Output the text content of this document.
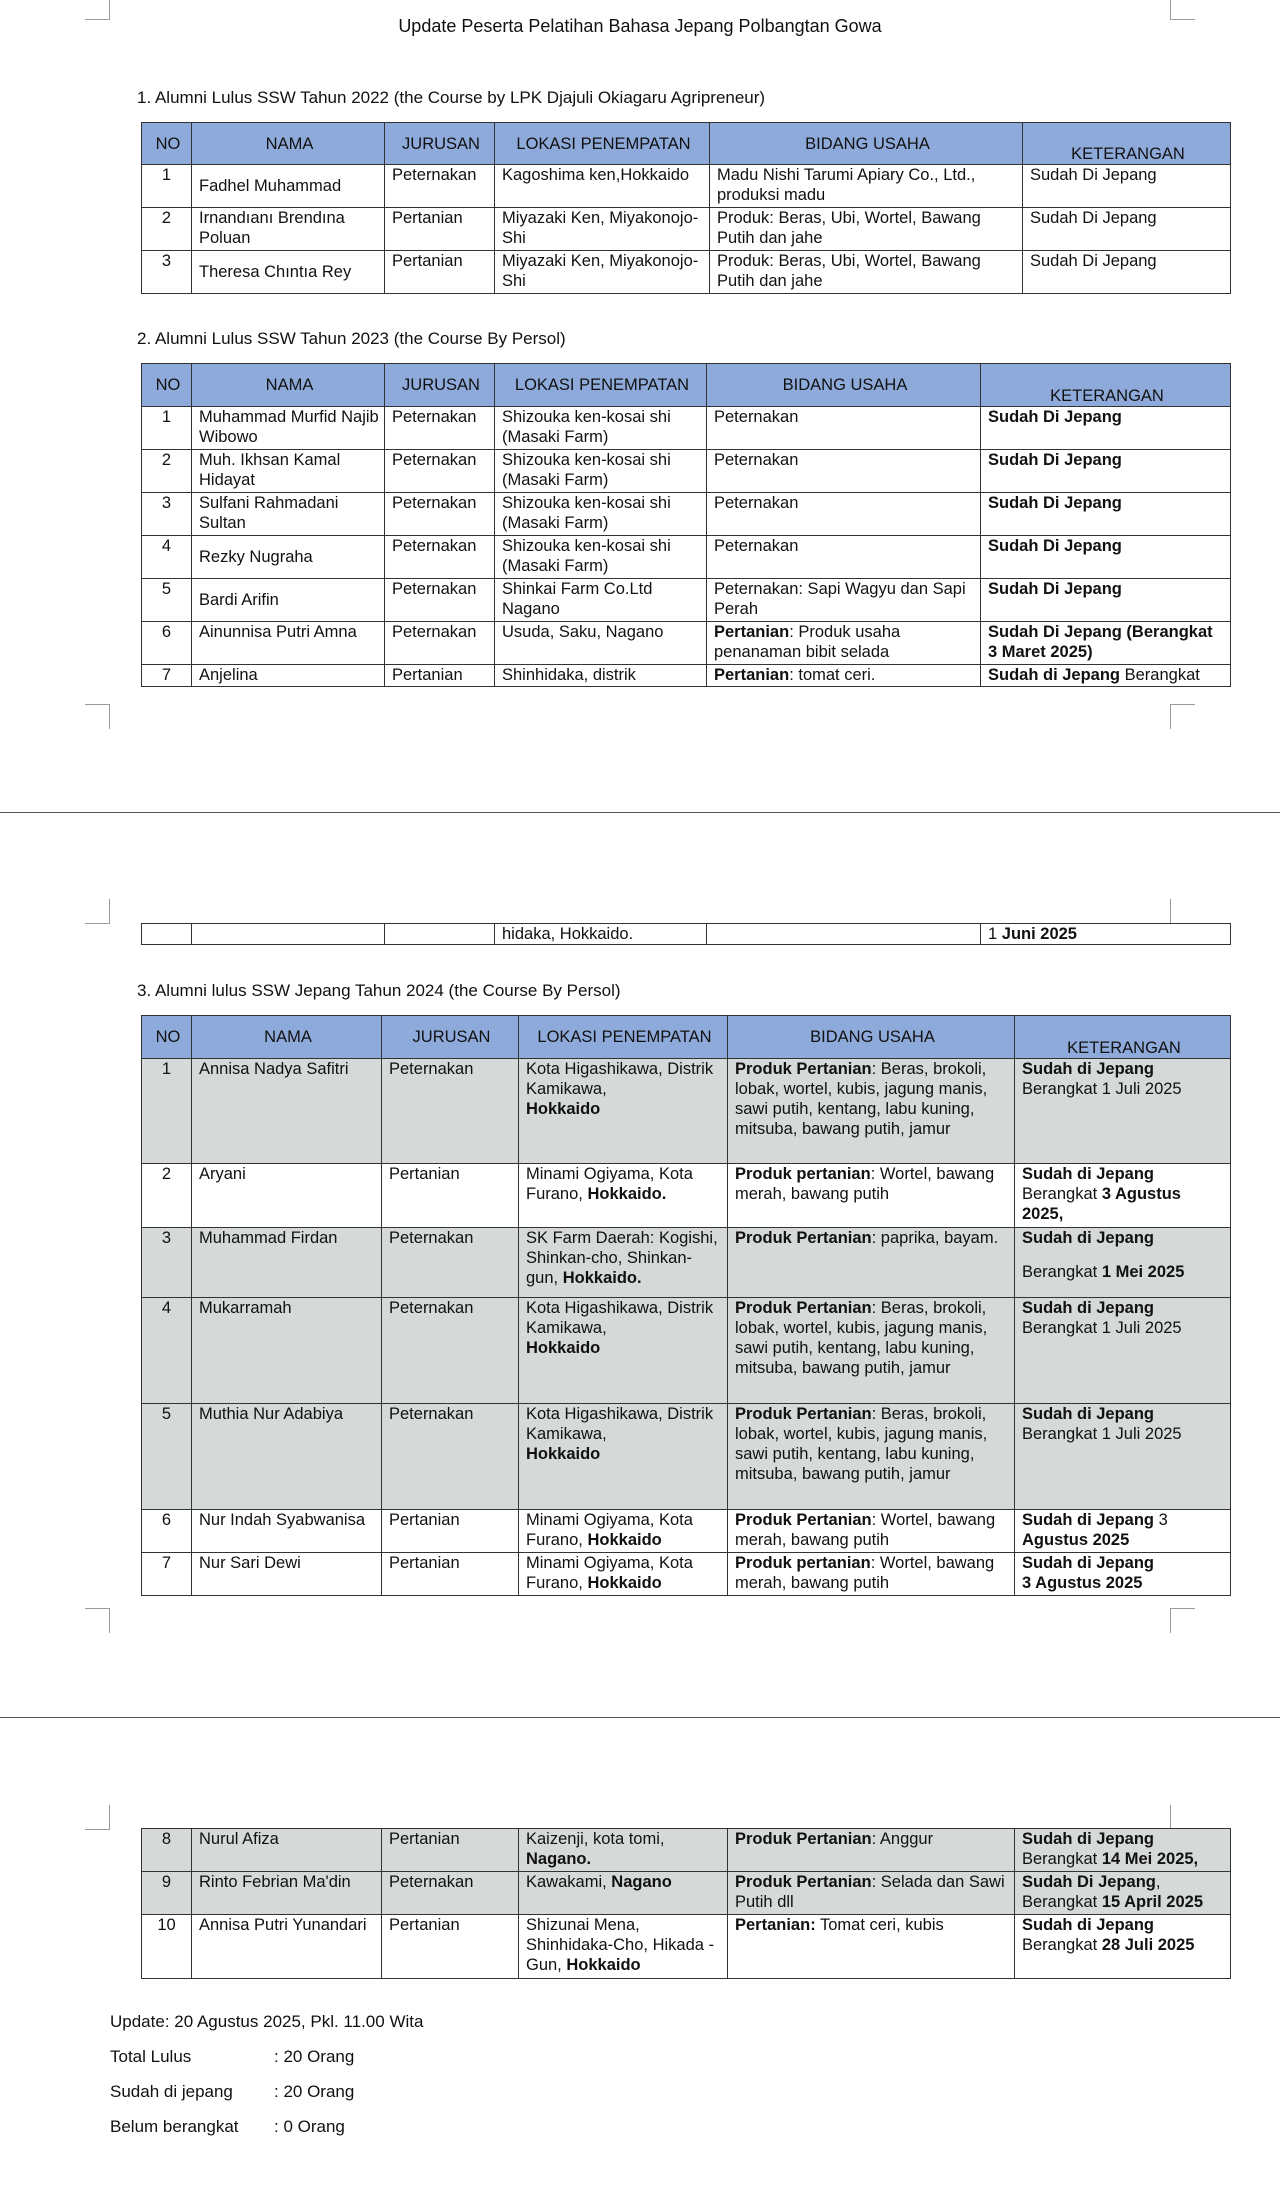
Update Peserta Pelatihan Bahasa Jepang Polbangtan Gowa
1. Alumni Lulus SSW Tahun 2022 (the Course by LPK Djajuli Okiagaru Agripreneur)
NO	NAMA	JURUSAN	LOKASI PENEMPATAN	BIDANG USAHA	KETERANGAN
1	Fadhel Muhammad	Peternakan	Kagoshima ken,Hokkaido	Madu Nishi Tarumi Apiary Co., Ltd., produksi madu	Sudah Di Jepang
2	Irnandıanı Brendına Poluan	Pertanian	Miyazaki Ken, Miyakonojo-Shi	Produk: Beras, Ubi, Wortel, Bawang Putih dan jahe	Sudah Di Jepang
3	Theresa Chıntıa Rey	Pertanian	Miyazaki Ken, Miyakonojo-Shi	Produk: Beras, Ubi, Wortel, Bawang Putih dan jahe	Sudah Di Jepang
2. Alumni Lulus SSW Tahun 2023 (the Course By Persol)
NO	NAMA	JURUSAN	LOKASI PENEMPATAN	BIDANG USAHA	KETERANGAN
1	Muhammad Murfid Najib Wibowo	Peternakan	Shizouka ken-kosai shi (Masaki Farm)	Peternakan	Sudah Di Jepang
2	Muh. Ikhsan Kamal Hidayat	Peternakan	Shizouka ken-kosai shi (Masaki Farm)	Peternakan	Sudah Di Jepang
3	Sulfani Rahmadani Sultan	Peternakan	Shizouka ken-kosai shi (Masaki Farm)	Peternakan	Sudah Di Jepang
4	Rezky Nugraha	Peternakan	Shizouka ken-kosai shi (Masaki Farm)	Peternakan	Sudah Di Jepang
5	Bardi Arifin	Peternakan	Shinkai Farm Co.Ltd Nagano	Peternakan: Sapi Wagyu dan Sapi Perah	Sudah Di Jepang
6	Ainunnisa Putri Amna	Peternakan	Usuda, Saku, Nagano	Pertanian: Produk usaha penanaman bibit selada	Sudah Di Jepang (Berangkat 3 Maret 2025)
7	Anjelina	Pertanian	Shinhidaka, distrik	Pertanian: tomat ceri.	Sudah di Jepang Berangkat
			hidaka, Hokkaido.		1 Juni 2025
3. Alumni lulus SSW Jepang Tahun 2024 (the Course By Persol)
NO	NAMA	JURUSAN	LOKASI PENEMPATAN	BIDANG USAHA	KETERANGAN
1	Annisa Nadya Safitri	Peternakan	Kota Higashikawa, Distrik Kamikawa,
Hokkaido	Produk Pertanian: Beras, brokoli, lobak, wortel, kubis, jagung manis, sawi putih, kentang, labu kuning, mitsuba, bawang putih, jamur	Sudah di Jepang
Berangkat 1 Juli 2025
2	Aryani	Pertanian	Minami Ogiyama, Kota Furano, Hokkaido.	Produk pertanian: Wortel, bawang merah, bawang putih	Sudah di Jepang
Berangkat 3 Agustus 2025,
3	Muhammad Firdan	Peternakan	SK Farm Daerah: Kogishi, Shinkan-cho, Shinkan-gun, Hokkaido.	Produk Pertanian: paprika, bayam.	Sudah di Jepang
Berangkat 1 Mei 2025
4	Mukarramah	Peternakan	Kota Higashikawa, Distrik Kamikawa,
Hokkaido	Produk Pertanian: Beras, brokoli, lobak, wortel, kubis, jagung manis, sawi putih, kentang, labu kuning, mitsuba, bawang putih, jamur	Sudah di Jepang
Berangkat 1 Juli 2025
5	Muthia Nur Adabiya	Peternakan	Kota Higashikawa, Distrik Kamikawa,
Hokkaido	Produk Pertanian: Beras, brokoli, lobak, wortel, kubis, jagung manis, sawi putih, kentang, labu kuning, mitsuba, bawang putih, jamur	Sudah di Jepang
Berangkat 1 Juli 2025
6	Nur Indah Syabwanisa	Pertanian	Minami Ogiyama, Kota Furano, Hokkaido	Produk Pertanian: Wortel, bawang merah, bawang putih	Sudah di Jepang 3 Agustus 2025
7	Nur Sari Dewi	Pertanian	Minami Ogiyama, Kota Furano, Hokkaido	Produk pertanian: Wortel, bawang merah, bawang putih	Sudah di Jepang
3 Agustus 2025
8	Nurul Afiza	Pertanian	Kaizenji, kota tomi,
Nagano.	Produk Pertanian: Anggur	Sudah di Jepang
Berangkat 14 Mei 2025,
9	Rinto Febrian Ma'din	Peternakan	Kawakami, Nagano	Produk Pertanian: Selada dan Sawi Putih dll	Sudah Di Jepang, Berangkat 15 April 2025
10	Annisa Putri Yunandari	Pertanian	Shizunai Mena, Shinhidaka-Cho, Hikada -Gun, Hokkaido	Pertanian: Tomat ceri, kubis	Sudah di Jepang
Berangkat 28 Juli 2025
Update: 20 Agustus 2025, Pkl. 11.00 Wita
Total Lulus	: 20 Orang
Sudah di jepang : 20 Orang
Belum berangkat : 0 Orang
